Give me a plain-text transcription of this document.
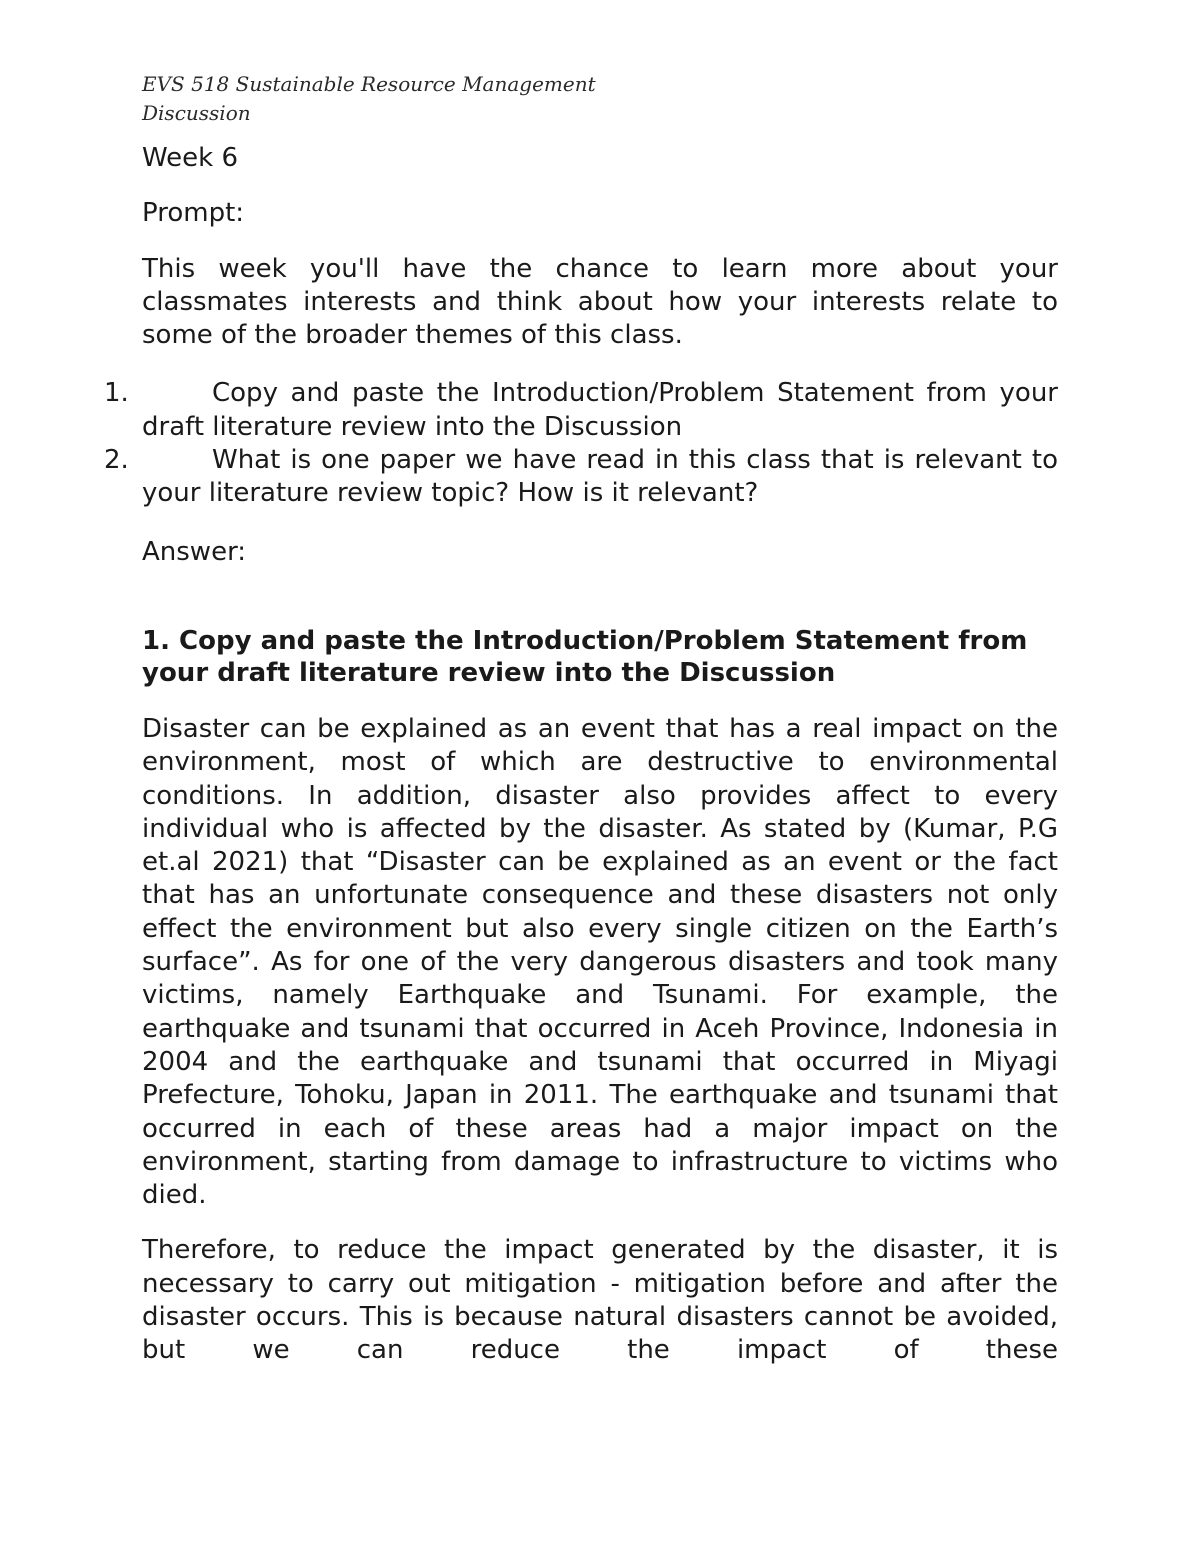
EVS 518 Sustainable Resource Management
Discussion

Week 6

Prompt:

This week you'll have the chance to learn more about your classmates interests and think about how your interests relate to some of the broader themes of this class.

1.	Copy and paste the Introduction/Problem Statement from your draft literature review into the Discussion
2.	What is one paper we have read in this class that is relevant to your literature review topic? How is it relevant?

Answer:

1. Copy and paste the Introduction/Problem Statement from your draft literature review into the Discussion

Disaster can be explained as an event that has a real impact on the environment, most of which are destructive to environmental conditions. In addition, disaster also provides affect to every individual who is affected by the disaster. As stated by (Kumar, P.G et.al 2021) that “Disaster can be explained as an event or the fact that has an unfortunate consequence and these disasters not only effect the environment but also every single citizen on the Earth’s surface”. As for one of the very dangerous disasters and took many victims, namely Earthquake and Tsunami. For example, the earthquake and tsunami that occurred in Aceh Province, Indonesia in 2004 and the earthquake and tsunami that occurred in Miyagi Prefecture, Tohoku, Japan in 2011. The earthquake and tsunami that occurred in each of these areas had a major impact on the environment, starting from damage to infrastructure to victims who died.

Therefore, to reduce the impact generated by the disaster, it is necessary to carry out mitigation - mitigation before and after the disaster occurs. This is because natural disasters cannot be avoided, but we can reduce the impact of these
